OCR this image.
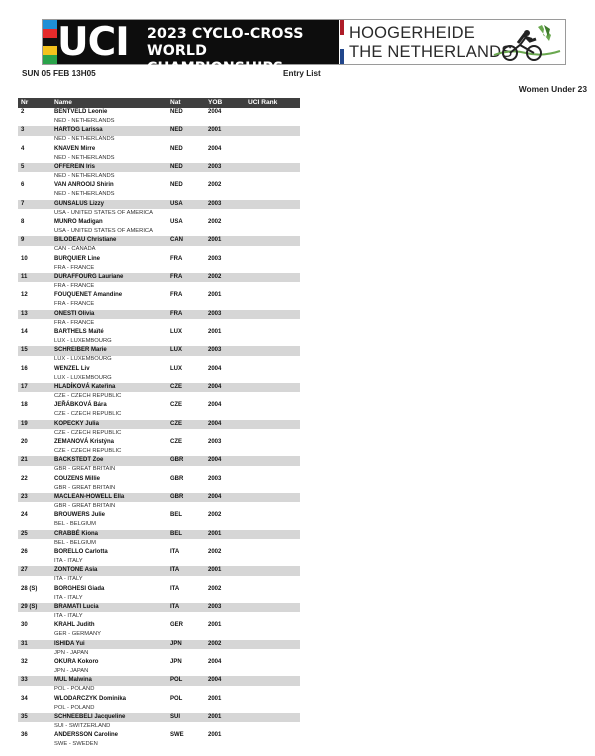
UCI 2023 CYCLO-CROSS
WORLD CHAMPIONSHIPS
HOOGERHEIDE
THE NETHERLANDS
SUN 05 FEB 13H05	Entry List
Women Under 23
Nr	Name	Nat	YOB	UCI Rank
2	BENTVELD Leonie	NED	2004
NED - NETHERLANDS
3	HARTOG Larissa	NED	2001
NED - NETHERLANDS
4	KNAVEN Mirre	NED	2004
NED - NETHERLANDS
5	OFFEREIN Iris	NED	2003
NED - NETHERLANDS
6	VAN ANROOIJ Shirin	NED	2002
NED - NETHERLANDS
7	GUNSALUS Lizzy	USA	2003
USA - UNITED STATES OF AMERICA
8	MUNRO Madigan	USA	2002
USA - UNITED STATES OF AMERICA
9	BILODEAU Christiane	CAN	2001
CAN - CANADA
10	BURQUIER Line	FRA	2003
FRA - FRANCE
11	DURAFFOURG Lauriane	FRA	2002
FRA - FRANCE
12	FOUQUENET Amandine	FRA	2001
FRA - FRANCE
13	ONESTI Olivia	FRA	2003
FRA - FRANCE
14	BARTHELS Maïté	LUX	2001
LUX - LUXEMBOURG
15	SCHREIBER Marie	LUX	2003
LUX - LUXEMBOURG
16	WENZEL Liv	LUX	2004
LUX - LUXEMBOURG
17	HLADÍKOVÁ Kateřina	CZE	2004
CZE - CZECH REPUBLIC
18	JEŘÁBKOVÁ Bára	CZE	2004
CZE - CZECH REPUBLIC
19	KOPECKY Julia	CZE	2004
CZE - CZECH REPUBLIC
20	ZEMANOVÁ Kristýna	CZE	2003
CZE - CZECH REPUBLIC
21	BACKSTEDT Zoe	GBR	2004
GBR - GREAT BRITAIN
22	COUZENS Millie	GBR	2003
GBR - GREAT BRITAIN
23	MACLEAN-HOWELL Ella	GBR	2004
GBR - GREAT BRITAIN
24	BROUWERS Julie	BEL	2002
BEL - BELGIUM
25	CRABBÉ Kiona	BEL	2001
BEL - BELGIUM
26	BORELLO Carlotta	ITA	2002
ITA - ITALY
27	ZONTONE Asia	ITA	2001
ITA - ITALY
28 (S)	BORGHESI Giada	ITA	2002
ITA - ITALY
29 (S)	BRAMATI Lucia	ITA	2003
ITA - ITALY
30	KRAHL Judith	GER	2001
GER - GERMANY
31	ISHIDA Yui	JPN	2002
JPN - JAPAN
32	OKURA Kokoro	JPN	2004
JPN - JAPAN
33	MUL Malwina	POL	2004
POL - POLAND
34	WLODARCZYK Dominika	POL	2001
POL - POLAND
35	SCHNEEBELI Jacqueline	SUI	2001
SUI - SWITZERLAND
36	ANDERSSON Caroline	SWE	2001
SWE - SWEDEN
